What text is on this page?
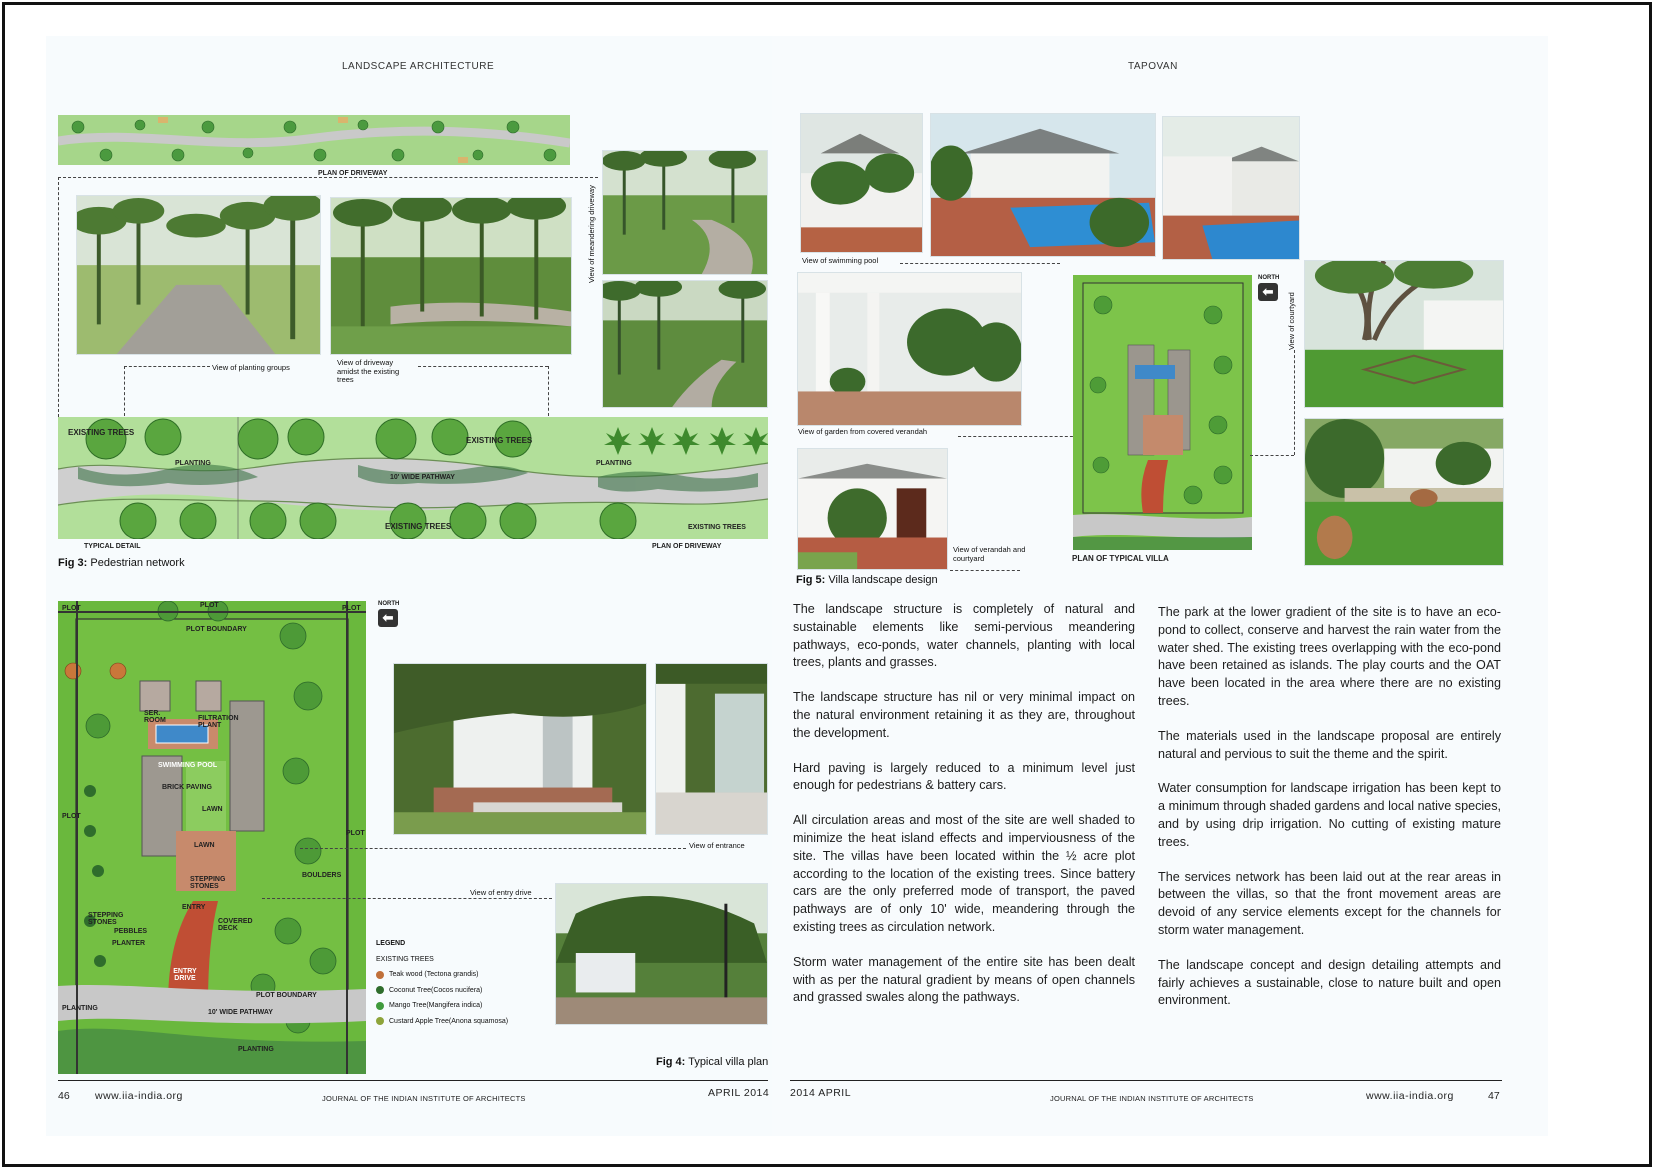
LANDSCAPE ARCHITECTURE
PLAN OF DRIVEWAY
View of planting groups
View of driveway amidst the existing trees
View of meandering driveway
EXISTING TREES
EXISTING TREES
PLANTING	PLANTING
10' WIDE PATHWAY
EXISTING TREES	EXISTING TREES
TYPICAL DETAIL	PLAN OF DRIVEWAY
Fig 3: Pedestrian network
PLOT	PLOT	PLOT
PLOT BOUNDARY
SER. ROOM	FILTRATION PLANT
SWIMMING POOL
BRICK PAVING
LAWN
LAWN
STEPPING STONES
BOULDERS
ENTRY
COVERED DECK
STEPPING STONES
PEBBLES
PLANTER
ENTRY DRIVE
PLOT BOUNDARY
10' WIDE PATHWAY
PLANTING
PLANTING
PLOT
PLOT
NORTH
⬅
View of entrance
View of entry drive
LEGEND
EXISTING TREES
Teak wood (Tectona grandis)
Coconut Tree(Cocos nucifera)
Mango Tree(Mangifera indica)
Custard Apple Tree(Anona squamosa)
Fig 4: Typical villa plan
46 www.iia-india.org	JOURNAL OF THE INDIAN INSTITUTE OF ARCHITECTS	APRIL 2014
TAPOVAN
View of swimming pool
View of garden from covered verandah
View of verandah and courtyard	PLAN OF TYPICAL VILLA
NORTH
⬅
View of courtyard
Fig 5: Villa landscape design

The landscape structure is completely of natural and sustainable elements like semi-pervious meandering pathways, eco-ponds, water channels, planting with local trees, plants and grasses.

The landscape structure has nil or very minimal impact on the natural environment retaining it as they are, throughout the development.

Hard paving is largely reduced to a minimum level just enough for pedestrians & battery cars.

All circulation areas and most of the site are well shaded to minimize the heat island effects and imperviousness of the site. The villas have been located within the ½ acre plot according to the location of the existing trees. Since battery cars are the only preferred mode of transport, the paved pathways are of only 10' wide, meandering through the existing trees as circulation network.

Storm water management of the entire site has been dealt with as per the natural gradient by means of open channels and grassed swales along the pathways.

The park at the lower gradient of the site is to have an eco-pond to collect, conserve and harvest the rain water from the water shed. The existing trees overlapping with the eco-pond have been retained as islands. The play courts and the OAT have been located in the area where there are no existing trees.

The materials used in the landscape proposal are entirely natural and pervious to suit the theme and the spirit.

Water consumption for landscape irrigation has been kept to a minimum through shaded gardens and local native species, and by using drip irrigation. No cutting of existing mature trees.

The services network has been laid out at the rear areas in between the villas, so that the front movement areas are devoid of any service elements except for the channels for storm water management.

The landscape concept and design detailing attempts and fairly achieves a sustainable, close to nature built and open environment.

2014 APRIL	JOURNAL OF THE INDIAN INSTITUTE OF ARCHITECTS	www.iia-india.org	47
